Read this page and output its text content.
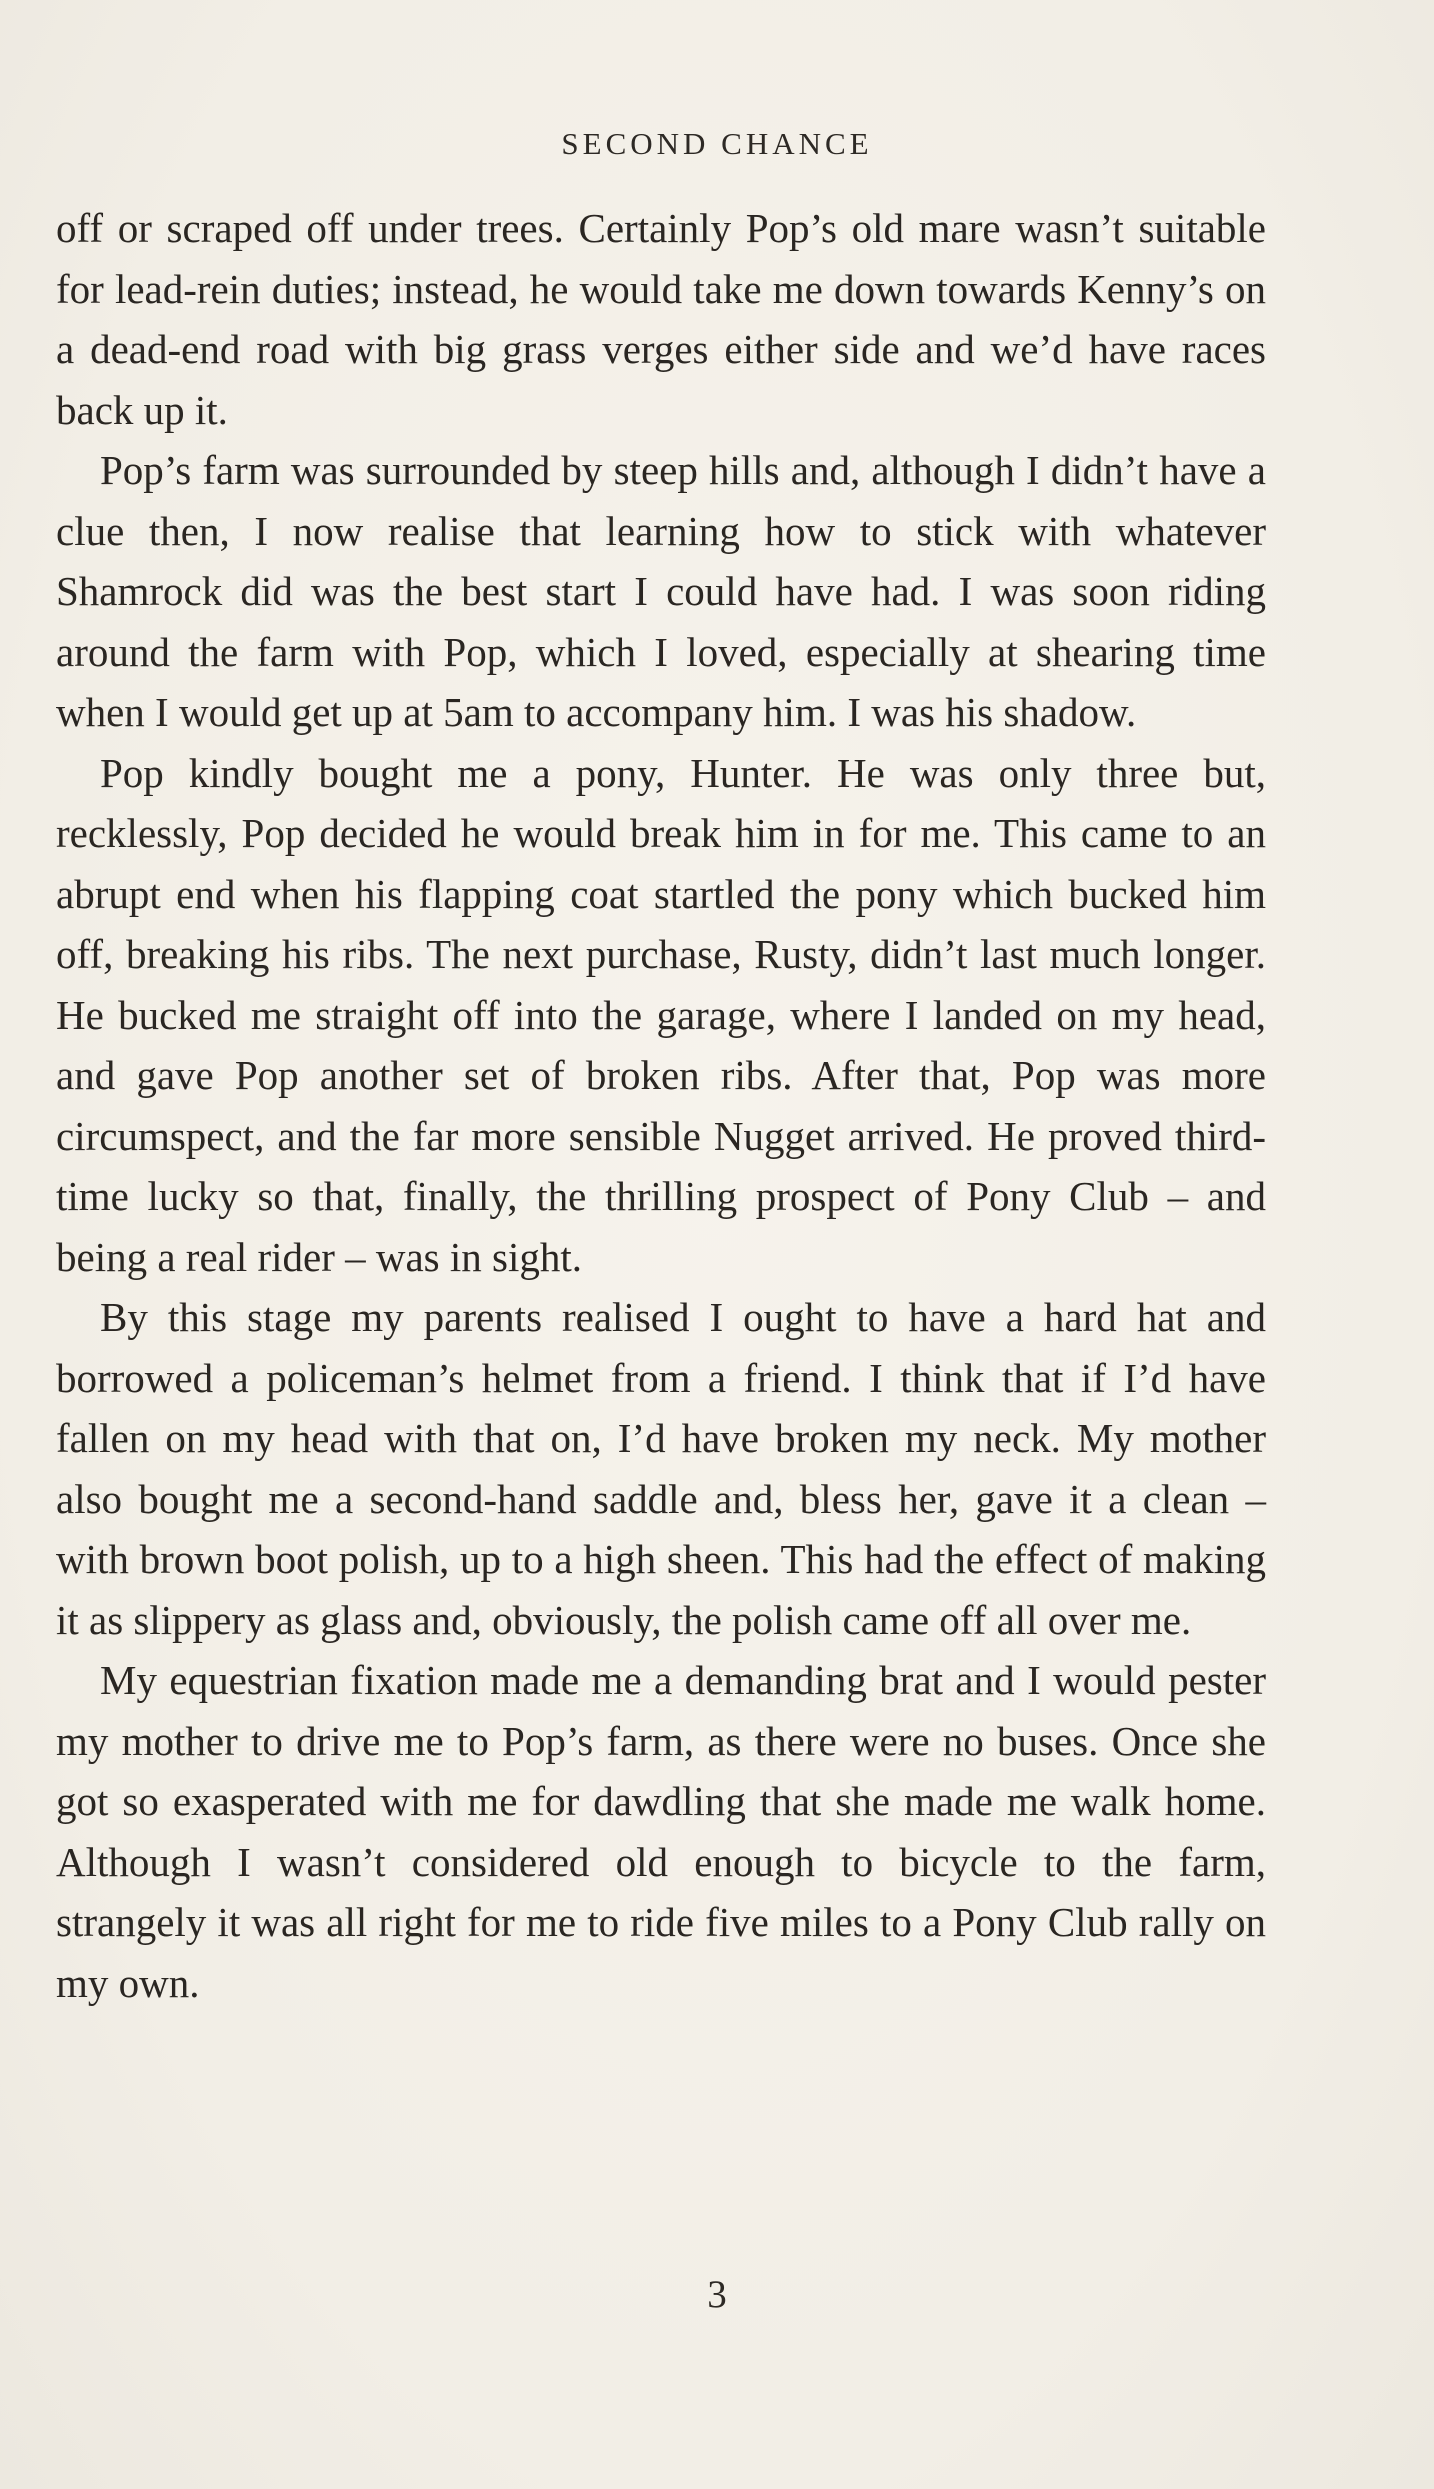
SECOND CHANCE

off or scraped off under trees. Certainly Pop’s old mare wasn’t suitable for lead-rein duties; instead, he would take me down towards Kenny’s on a dead-end road with big grass verges either side and we’d have races back up it.

Pop’s farm was surrounded by steep hills and, although I didn’t have a clue then, I now realise that learning how to stick with whatever Shamrock did was the best start I could have had. I was soon riding around the farm with Pop, which I loved, especially at shearing time when I would get up at 5am to accompany him. I was his shadow.

Pop kindly bought me a pony, Hunter. He was only three but, recklessly, Pop decided he would break him in for me. This came to an abrupt end when his flapping coat startled the pony which bucked him off, breaking his ribs. The next purchase, Rusty, didn’t last much longer. He bucked me straight off into the garage, where I landed on my head, and gave Pop another set of broken ribs. After that, Pop was more circumspect, and the far more sensible Nugget arrived. He proved third-time lucky so that, finally, the thrilling prospect of Pony Club – and being a real rider – was in sight.

By this stage my parents realised I ought to have a hard hat and borrowed a policeman’s helmet from a friend. I think that if I’d have fallen on my head with that on, I’d have broken my neck. My mother also bought me a second-hand saddle and, bless her, gave it a clean – with brown boot polish, up to a high sheen. This had the effect of making it as slippery as glass and, obviously, the polish came off all over me.

My equestrian fixation made me a demanding brat and I would pester my mother to drive me to Pop’s farm, as there were no buses. Once she got so exasperated with me for dawdling that she made me walk home. Although I wasn’t considered old enough to bicycle to the farm, strangely it was all right for me to ride five miles to a Pony Club rally on my own.

3
